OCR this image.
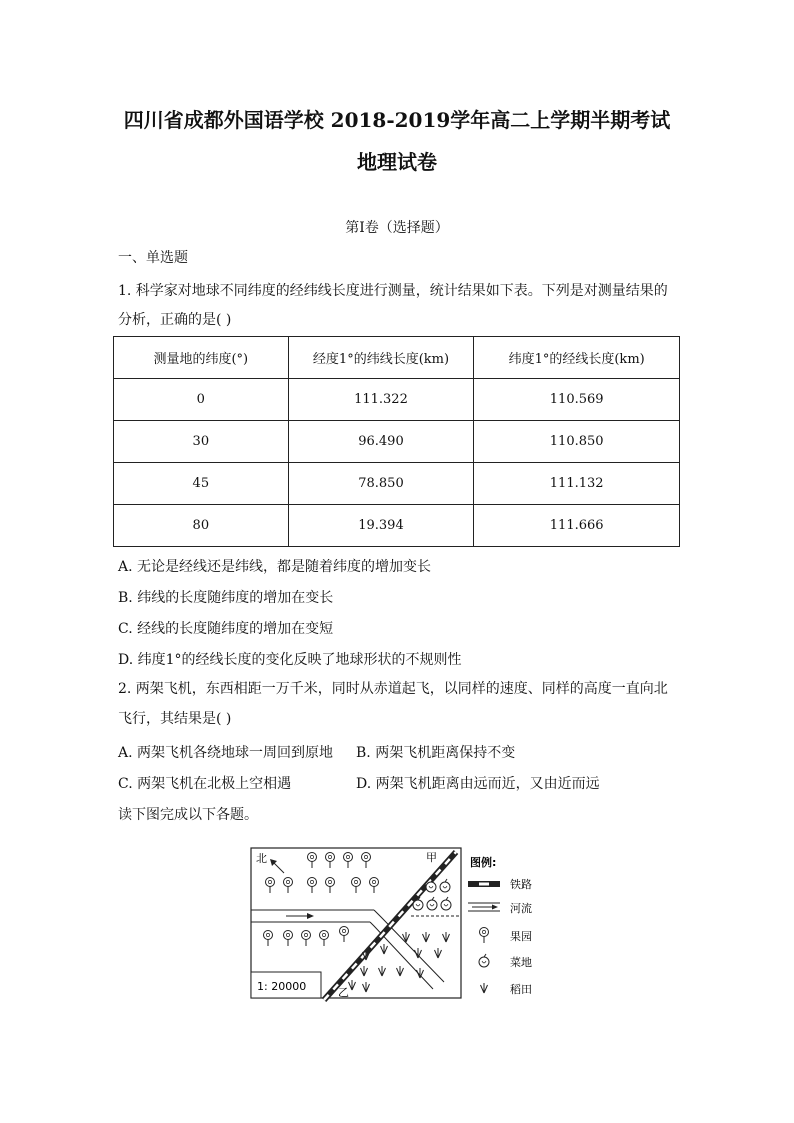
四川省成都外国语学校 2018-2019学年高二上学期半期考试
地理试卷
第I卷（选择题）
一、单选题
1. 科学家对地球不同纬度的经纬线长度进行测量，统计结果如下表。下列是对测量结果的
分析，正确的是( )
测量地的纬度(°)	经度1°的纬线长度(km)	纬度1°的经线长度(km)
0	111.322	110.569
30	96.490	110.850
45	78.850	111.132
80	19.394	111.666
A. 无论是经线还是纬线，都是随着纬度的增加变长
B. 纬线的长度随纬度的增加在变长
C. 经线的长度随纬度的增加在变短
D. 纬度1°的经线长度的变化反映了地球形状的不规则性
2. 两架飞机，东西相距一万千米，同时从赤道起飞，以同样的速度、同样的高度一直向北
飞行，其结果是( )
A. 两架飞机各绕地球一周回到原地 B. 两架飞机距离保持不变
C. 两架飞机在北极上空相遇	D. 两架飞机距离由远而近，又由近而远
读下图完成以下各题。
北	甲
乙
1: 20000
图例:
铁路
河流
果园
菜地
稻田
